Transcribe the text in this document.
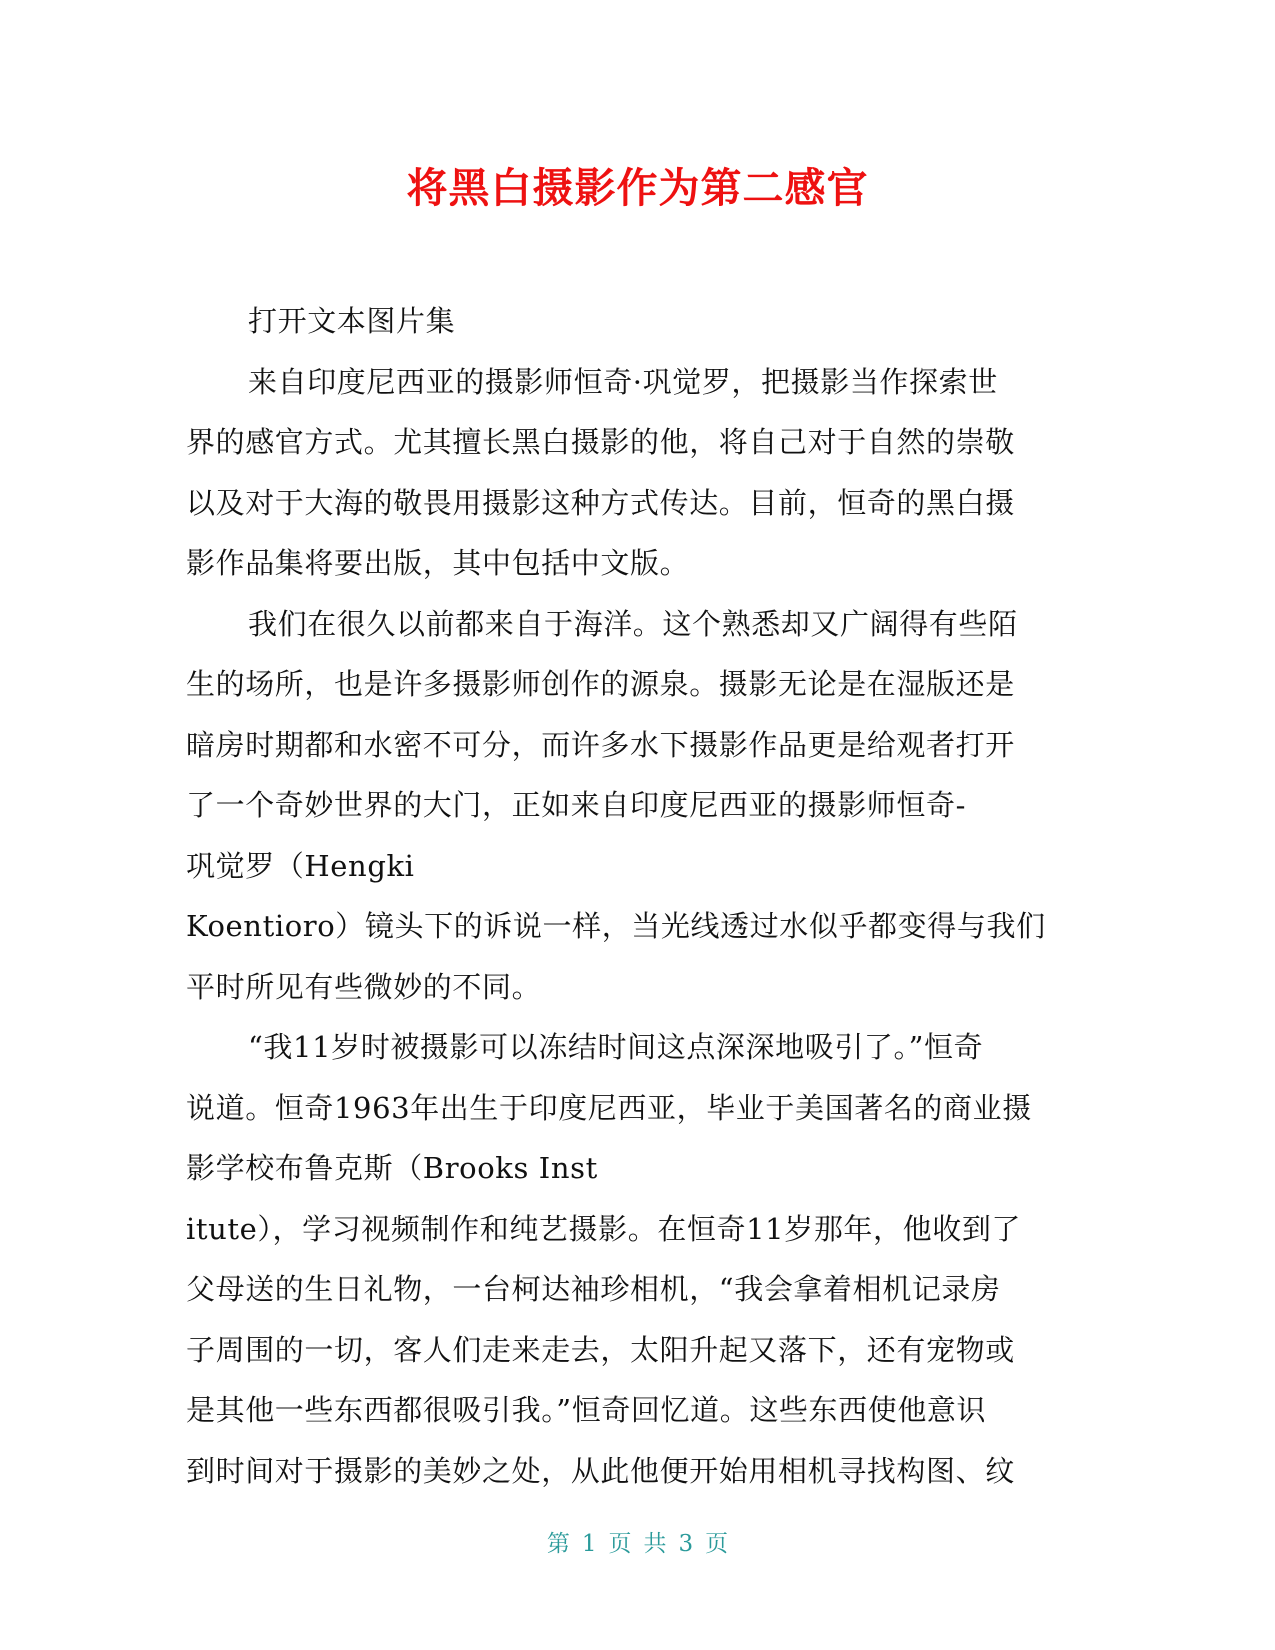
将黑白摄影作为第二感官
打开文本图片集
来自印度尼西亚的摄影师恒奇·巩觉罗，把摄影当作探索世
界的感官方式。尤其擅长黑白摄影的他，将自己对于自然的崇敬
以及对于大海的敬畏用摄影这种方式传达。目前，恒奇的黑白摄
影作品集将要出版，其中包括中文版。
我们在很久以前都来自于海洋。这个熟悉却又广阔得有些陌
生的场所，也是许多摄影师创作的源泉。摄影无论是在湿版还是
暗房时期都和水密不可分，而许多水下摄影作品更是给观者打开
了一个奇妙世界的大门，正如来自印度尼西亚的摄影师恒奇-
巩觉罗（Hengki
Koentioro）镜头下的诉说一样，当光线透过水似乎都变得与我们
平时所见有些微妙的不同。
“我11岁时被摄影可以冻结时间这点深深地吸引了。”恒奇
说道。恒奇1963年出生于印度尼西亚，毕业于美国著名的商业摄
影学校布鲁克斯（Brooks Inst
itute），学习视频制作和纯艺摄影。在恒奇11岁那年，他收到了
父母送的生日礼物，一台柯达袖珍相机，“我会拿着相机记录房
子周围的一切，客人们走来走去，太阳升起又落下，还有宠物或
是其他一些东西都很吸引我。”恒奇回忆道。这些东西使他意识
到时间对于摄影的美妙之处，从此他便开始用相机寻找构图、纹
第 1 页 共 3 页
